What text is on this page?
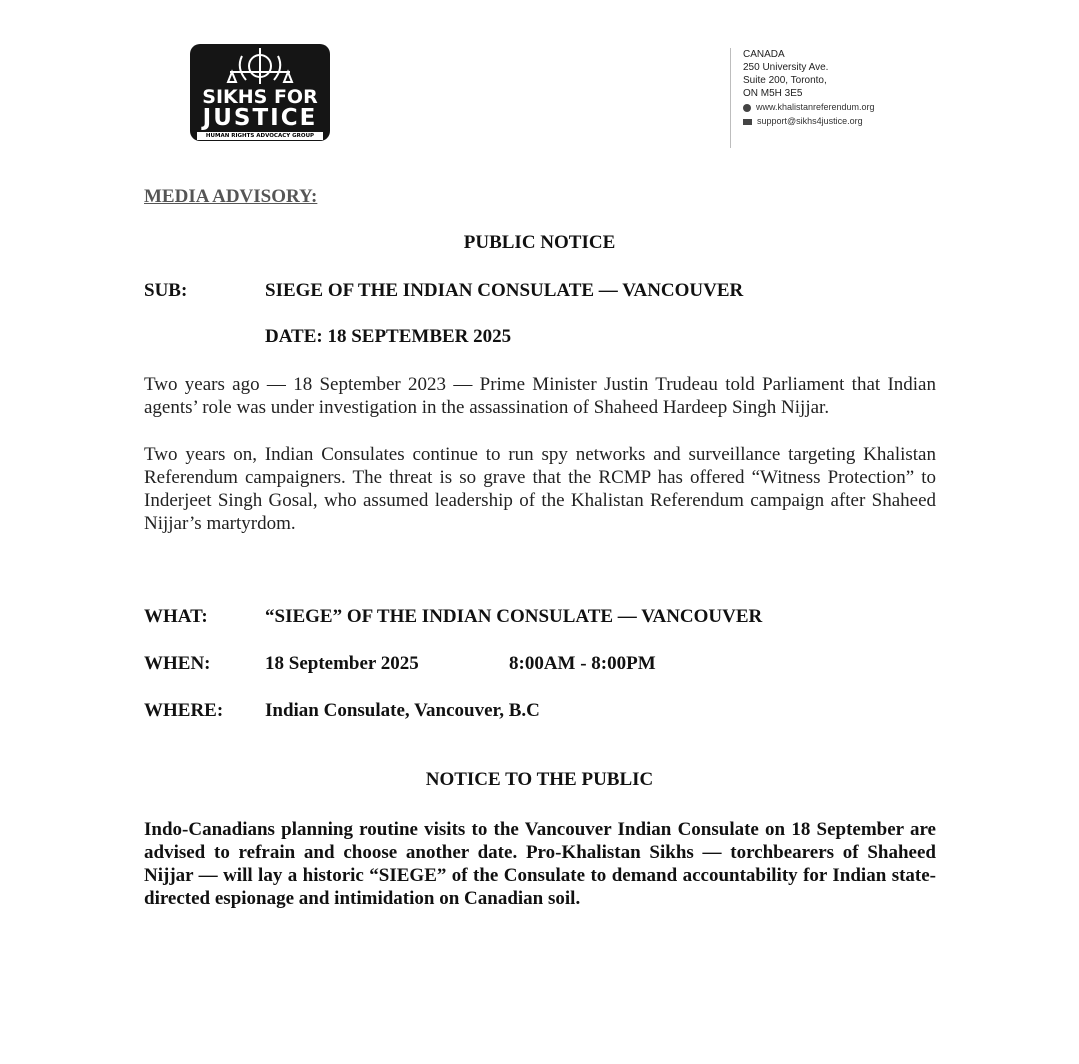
SIKHS FOR
JUSTICE
HUMAN RIGHTS ADVOCACY GROUP
CANADA
250 University Ave.
Suite 200, Toronto,
ON M5H 3E5
www.khalistanreferendum.org
support@sikhs4justice.org
MEDIA ADVISORY:
PUBLIC NOTICE
SUB:	SIEGE OF THE INDIAN CONSULATE — VANCOUVER
DATE: 18 SEPTEMBER 2025
Two years ago — 18 September 2023 — Prime Minister Justin Trudeau told Parliament that Indian agents’ role was under investigation in the assassination of Shaheed Hardeep Singh Nijjar.
Two years on, Indian Consulates continue to run spy networks and surveillance targeting Khalistan Referendum campaigners. The threat is so grave that the RCMP has offered “Witness Protection” to Inderjeet Singh Gosal, who assumed leadership of the Khalistan Referendum campaign after Shaheed Nijjar’s martyrdom.
WHAT:	“SIEGE” OF THE INDIAN CONSULATE — VANCOUVER
WHEN:	18 September 2025	8:00AM - 8:00PM
WHERE: Indian Consulate, Vancouver, B.C
NOTICE TO THE PUBLIC
Indo-Canadians planning routine visits to the Vancouver Indian Consulate on 18 September are advised to refrain and choose another date. Pro-Khalistan Sikhs — torchbearers of Shaheed Nijjar — will lay a historic “SIEGE” of the Consulate to demand accountability for Indian state-directed espionage and intimidation on Canadian soil.
